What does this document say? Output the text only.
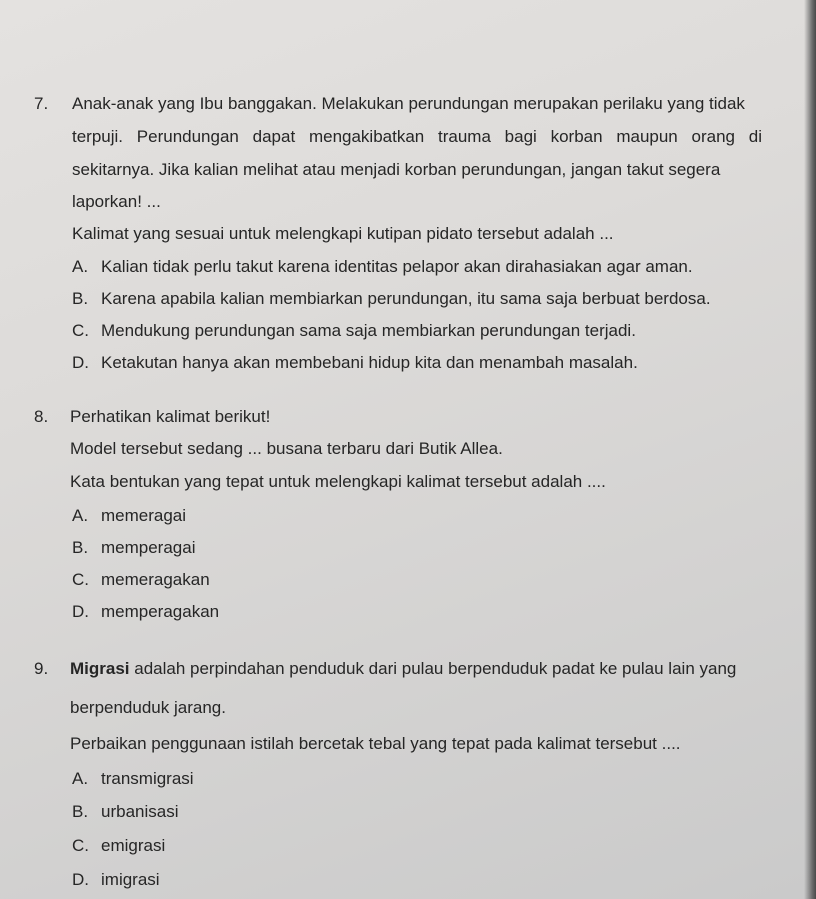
7. Anak-anak yang Ibu banggakan. Melakukan perundungan merupakan perilaku yang tidak
terpuji. Perundungan dapat mengakibatkan trauma bagi korban maupun orang di
sekitarnya. Jika kalian melihat atau menjadi korban perundungan, jangan takut segera
laporkan! ...
Kalimat yang sesuai untuk melengkapi kutipan pidato tersebut adalah ...
A. Kalian tidak perlu takut karena identitas pelapor akan dirahasiakan agar aman.
B. Karena apabila kalian membiarkan perundungan, itu sama saja berbuat berdosa.
C. Mendukung perundungan sama saja membiarkan perundungan terjadi.
D. Ketakutan hanya akan membebani hidup kita dan menambah masalah.
8. Perhatikan kalimat berikut!
Model tersebut sedang ... busana terbaru dari Butik Allea.
Kata bentukan yang tepat untuk melengkapi kalimat tersebut adalah ....
A. memeragai
B. memperagai
C. memeragakan
D. memperagakan
9. Migrasi adalah perpindahan penduduk dari pulau berpenduduk padat ke pulau lain yang
berpenduduk jarang.
Perbaikan penggunaan istilah bercetak tebal yang tepat pada kalimat tersebut ....
A. transmigrasi
B. urbanisasi
C. emigrasi
D. imigrasi
